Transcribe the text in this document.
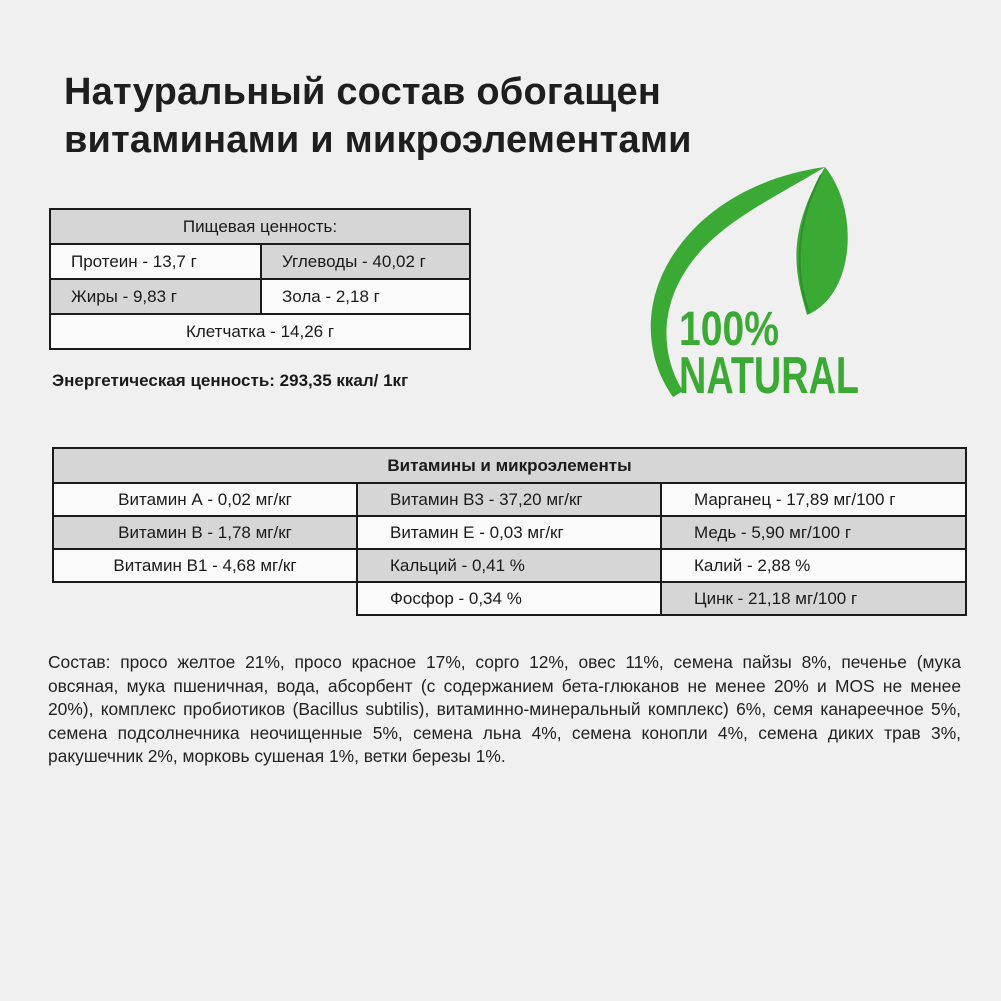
Натуральный состав обогащен
витаминами и микроэлементами
Пищевая ценность:	
Протеин - 13,7 г	Углеводы - 40,02 г
Жиры - 9,83 г	Зола - 2,18 г
Клетчатка - 14,26 г	
Энергетическая ценность: 293,35 ккал/ 1кг
Витамины и микроэлементы		
Витамин А - 0,02 мг/кг	Витамин В3 - 37,20 мг/кг	Марганец - 17,89 мг/100 г
Витамин В - 1,78 мг/кг	Витамин Е - 0,03 мг/кг	Медь - 5,90 мг/100 г
Витамин В1 - 4,68 мг/кг	Кальций - 0,41 %	Калий - 2,88 %
	Фосфор - 0,34 %	Цинк - 21,18 мг/100 г
Состав: просо желтое 21%, просо красное 17%, сорго 12%, овес 11%, семена пайзы 8%, печенье (мука овсяная, мука пшеничная, вода, абсорбент (с содержанием бета-глюканов не менее 20% и MOS не менее 20%), комплекс пробиотиков (Bacillus subtilis), витаминно-минеральный комплекс) 6%, семя канареечное 5%, семена подсолнечника неочищенные 5%, семена льна 4%, семена конопли 4%, семена диких трав 3%, ракушечник 2%, морковь сушеная 1%, ветки березы 1%.
100%
NATURAL
